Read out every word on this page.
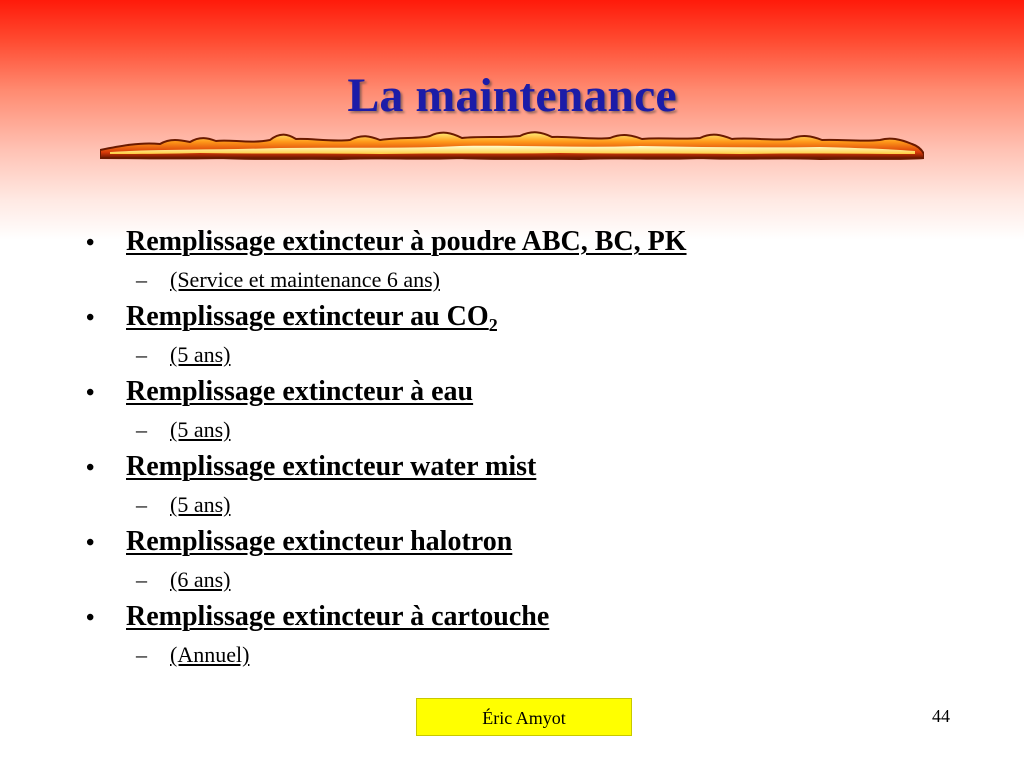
La maintenance
•	Remplissage extincteur à poudre ABC, BC, PK
–	(Service et maintenance 6 ans)
•	Remplissage extincteur au $CO_2$
–	(5 ans)
•	Remplissage extincteur à eau
–	(5 ans)
•	Remplissage extincteur water mist
–	(5 ans)
•	Remplissage extincteur halotron
–	(6 ans)
•	Remplissage extincteur à cartouche
–	(Annuel)
Éric Amyot	44
